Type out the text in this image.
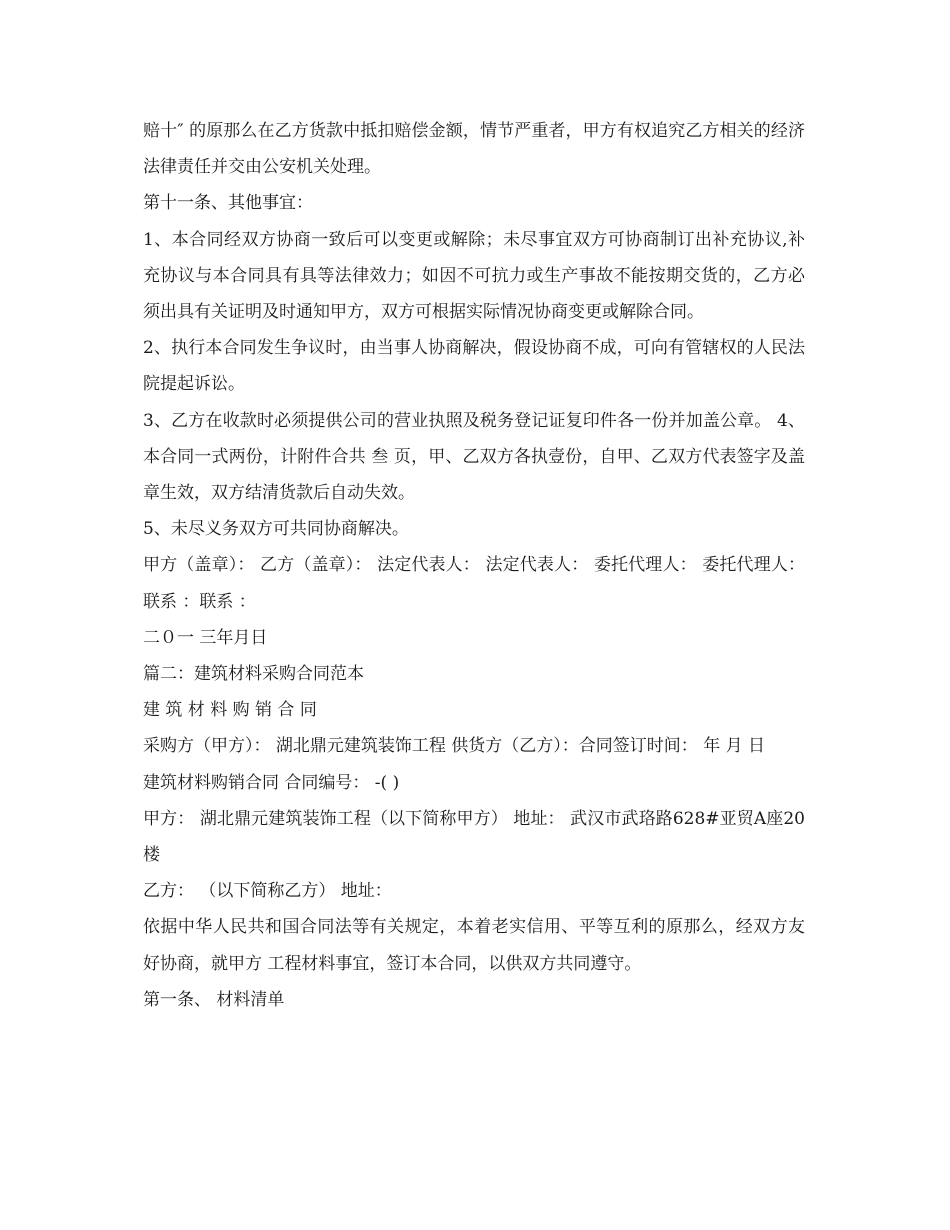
赔十″ 的原那么在乙方货款中抵扣赔偿金额，情节严重者，甲方有权追究乙方相关的经济法律责任并交由公安机关处理。

第十一条、其他事宜：

1、本合同经双方协商一致后可以变更或解除；未尽事宜双方可协商制订出补充协议,补充协议与本合同具有具等法律效力；如因不可抗力或生产事故不能按期交货的，乙方必须出具有关证明及时通知甲方，双方可根据实际情况协商变更或解除合同。

2、执行本合同发生争议时，由当事人协商解决，假设协商不成，可向有管辖权的人民法院提起诉讼。

3、乙方在收款时必须提供公司的营业执照及税务登记证复印件各一份并加盖公章。 4、本合同一式两份，计附件合共 叁 页，甲、乙双方各执壹份，自甲、乙双方代表签字及盖章生效，双方结清货款后自动失效。

5、未尽义务双方可共同协商解决。

甲方（盖章）： 乙方（盖章）： 法定代表人： 法定代表人： 委托代理人： 委托代理人： 联系 ：联系 ：

二０一 三年月日

篇二：建筑材料采购合同范本

建 筑 材 料 购 销 合 同

采购方（甲方）： 湖北鼎元建筑装饰工程 供货方（乙方）：合同签订时间： 年 月 日

建筑材料购销合同 合同编号： -( )

甲方： 湖北鼎元建筑装饰工程（以下简称甲方） 地址： 武汉市武珞路628#亚贸A座20楼

乙方： （以下简称乙方） 地址：

依据中华人民共和国合同法等有关规定，本着老实信用、平等互利的原那么，经双方友好协商，就甲方 工程材料事宜，签订本合同，以供双方共同遵守。

第一条、 材料清单
